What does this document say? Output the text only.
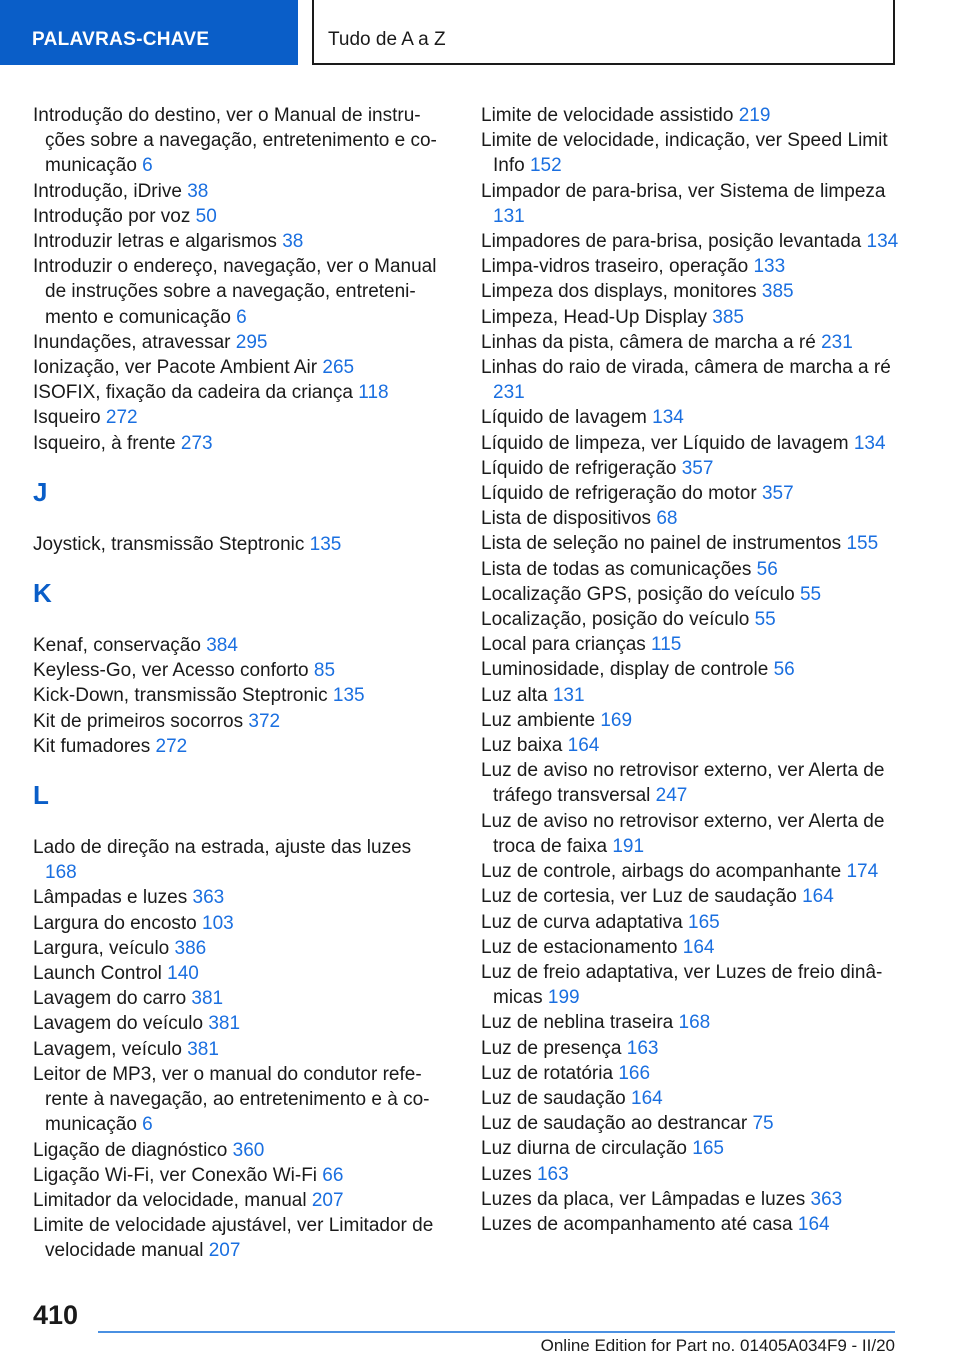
PALAVRAS-CHAVE	Tudo de A a Z
Introdução do destino, ver o Manual de instruções sobre a navegação, entretenimento e comunicação 6
Introdução, iDrive 38
Introdução por voz 50
Introduzir letras e algarismos 38
Introduzir o endereço, navegação, ver o Manual de instruções sobre a navegação, entretenimento e comunicação 6
Inundações, atravessar 295
Ionização, ver Pacote Ambient Air 265
ISOFIX, fixação da cadeira da criança 118
Isqueiro 272
Isqueiro, à frente 273
J
Joystick, transmissão Steptronic 135
K
Kenaf, conservação 384
Keyless-Go, ver Acesso conforto 85
Kick-Down, transmissão Steptronic 135
Kit de primeiros socorros 372
Kit fumadores 272
L
Lado de direção na estrada, ajuste das luzes 168
Lâmpadas e luzes 363
Largura do encosto 103
Largura, veículo 386
Launch Control 140
Lavagem do carro 381
Lavagem do veículo 381
Lavagem, veículo 381
Leitor de MP3, ver o manual do condutor referente à navegação, ao entretenimento e à comunicação 6
Ligação de diagnóstico 360
Ligação Wi-Fi, ver Conexão Wi-Fi 66
Limitador da velocidade, manual 207
Limite de velocidade ajustável, ver Limitador de velocidade manual 207
Limite de velocidade assistido 219
Limite de velocidade, indicação, ver Speed Limit Info 152
Limpador de para-brisa, ver Sistema de limpeza 131
Limpadores de para-brisa, posição levantada 134
Limpa-vidros traseiro, operação 133
Limpeza dos displays, monitores 385
Limpeza, Head-Up Display 385
Linhas da pista, câmera de marcha a ré 231
Linhas do raio de virada, câmera de marcha a ré 231
Líquido de lavagem 134
Líquido de limpeza, ver Líquido de lavagem 134
Líquido de refrigeração 357
Líquido de refrigeração do motor 357
Lista de dispositivos 68
Lista de seleção no painel de instrumentos 155
Lista de todas as comunicações 56
Localização GPS, posição do veículo 55
Localização, posição do veículo 55
Local para crianças 115
Luminosidade, display de controle 56
Luz alta 131
Luz ambiente 169
Luz baixa 164
Luz de aviso no retrovisor externo, ver Alerta de tráfego transversal 247
Luz de aviso no retrovisor externo, ver Alerta de troca de faixa 191
Luz de controle, airbags do acompanhante 174
Luz de cortesia, ver Luz de saudação 164
Luz de curva adaptativa 165
Luz de estacionamento 164
Luz de freio adaptativa, ver Luzes de freio dinâmicas 199
Luz de neblina traseira 168
Luz de presença 163
Luz de rotatória 166
Luz de saudação 164
Luz de saudação ao destrancar 75
Luz diurna de circulação 165
Luzes 163
Luzes da placa, ver Lâmpadas e luzes 363
Luzes de acompanhamento até casa 164
410
Online Edition for Part no. 01405A034F9 - II/20
